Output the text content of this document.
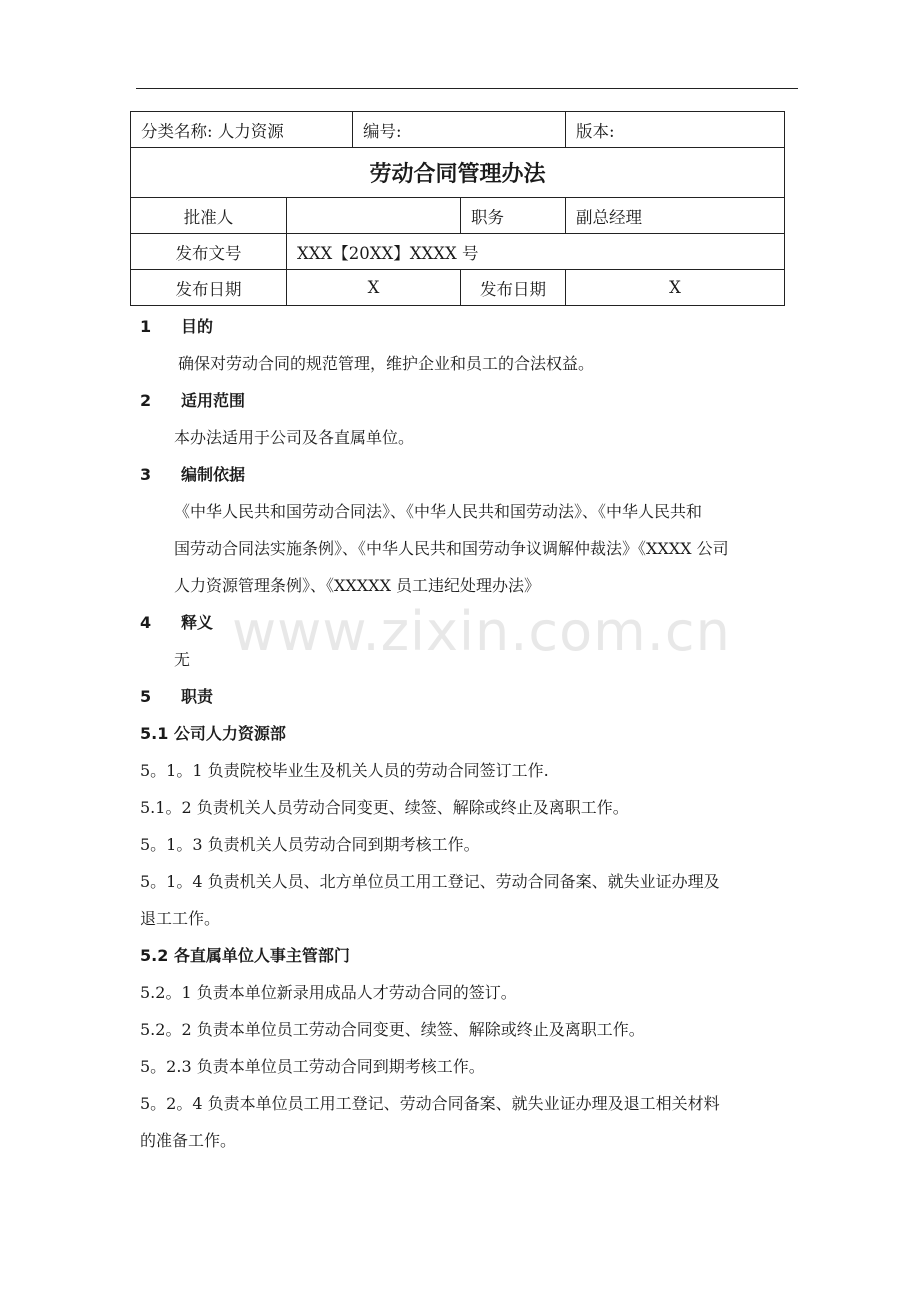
分类名称: 人力资源		编号:		版本:
劳动合同管理办法				
批准人			职务	副总经理
发布文号	XXX【20XX】XXXX 号			
发布日期	X		发布日期	X
1	目的
确保对劳动合同的规范管理，维护企业和员工的合法权益。
2	适用范围
本办法适用于公司及各直属单位。
3	编制依据
《中华人民共和国劳动合同法》、《中华人民共和国劳动法》、《中华人民共和
国劳动合同法实施条例》、《中华人民共和国劳动争议调解仲裁法》《XXXX 公司
人力资源管理条例》、《XXXXX 员工违纪处理办法》
4	释义
无
5	职责
5.1 公司人力资源部
5。1。1 负责院校毕业生及机关人员的劳动合同签订工作.
5.1。2 负责机关人员劳动合同变更、续签、解除或终止及离职工作。
5。1。3 负责机关人员劳动合同到期考核工作。
5。1。4 负责机关人员、北方单位员工用工登记、劳动合同备案、就失业证办理及
退工工作。
5.2 各直属单位人事主管部门
5.2。1 负责本单位新录用成品人才劳动合同的签订。
5.2。2 负责本单位员工劳动合同变更、续签、解除或终止及离职工作。
5。2.3 负责本单位员工劳动合同到期考核工作。
5。2。4 负责本单位员工用工登记、劳动合同备案、就失业证办理及退工相关材料
的准备工作。
www.zixin.com.cn
